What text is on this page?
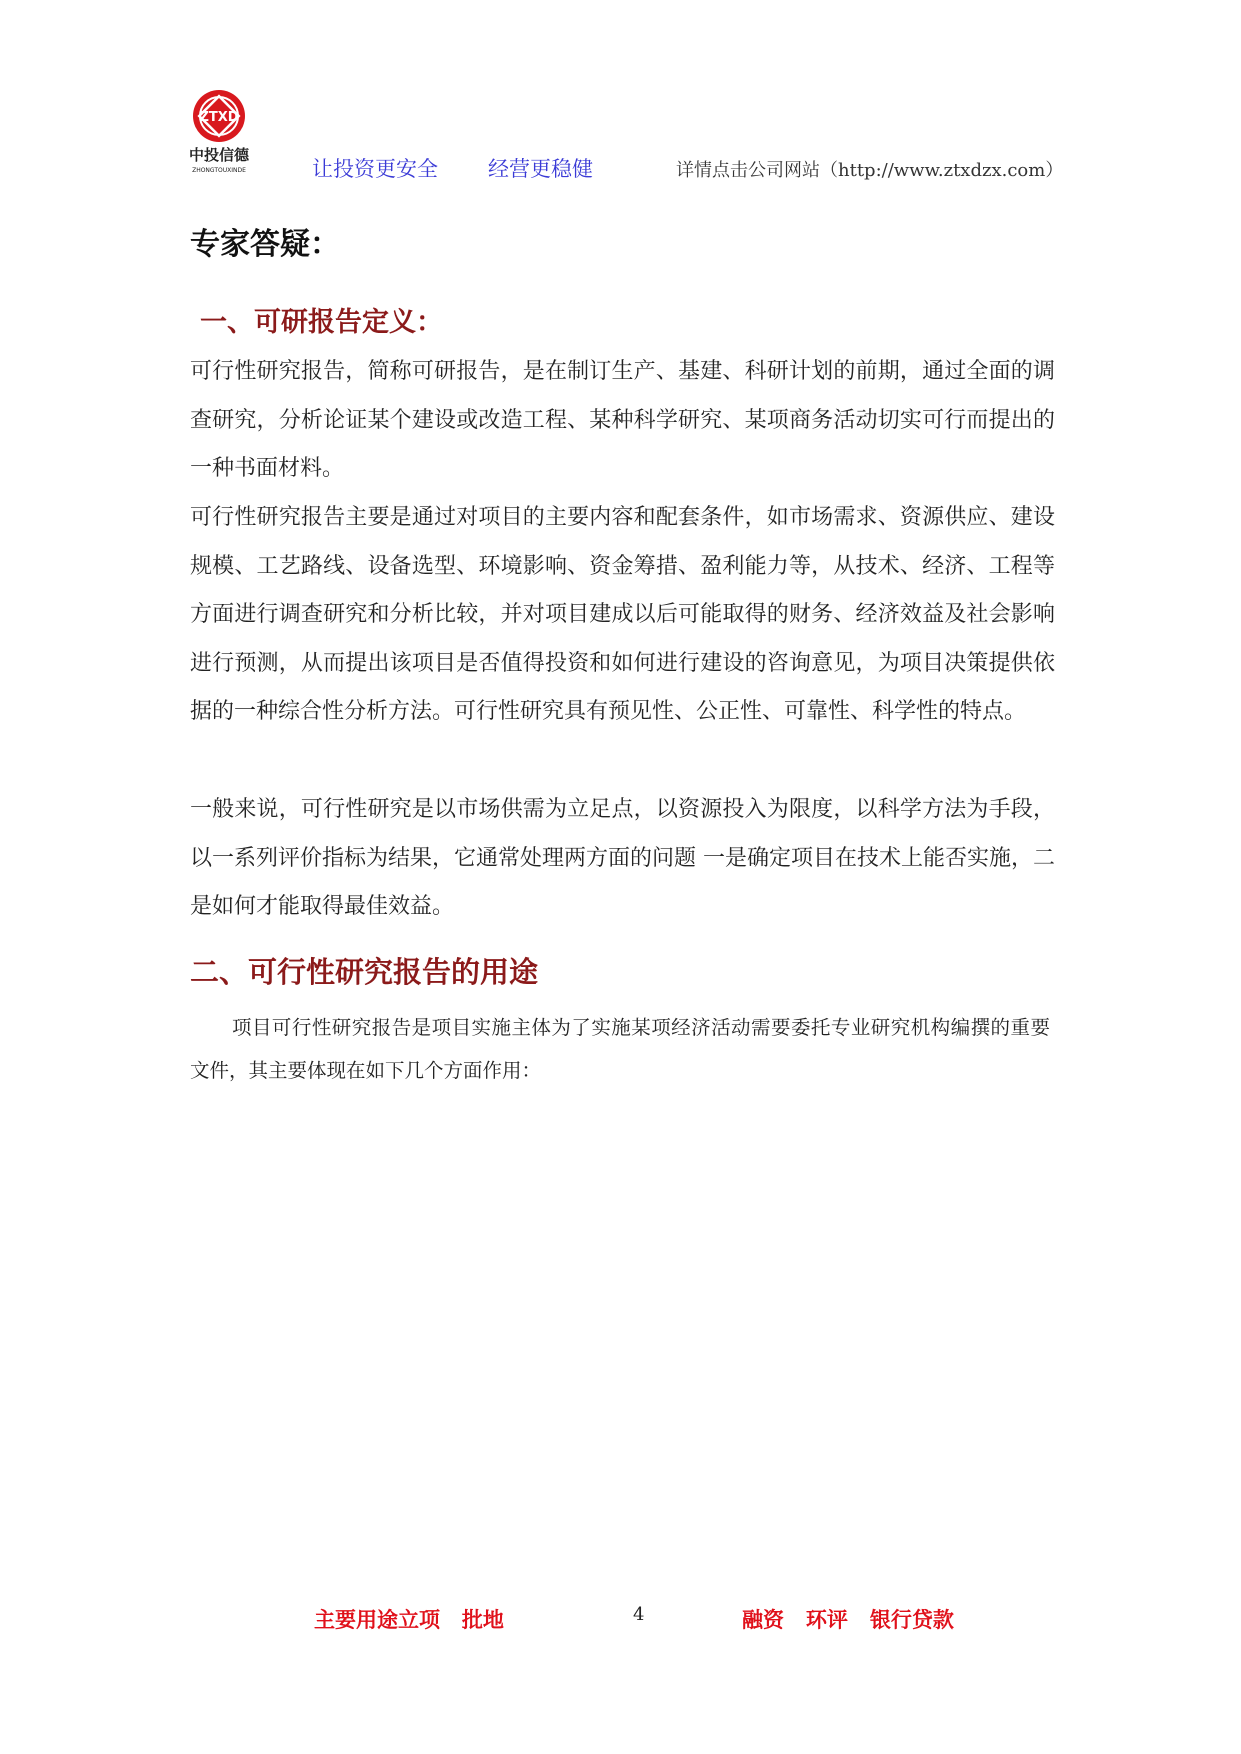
ZTXD
中投信德
ZHONGTOUXINDE	让投资更安全 经营更稳健	详情点击公司网站（http://www.ztxdzx.com）
专家答疑：
一、可研报告定义：
可行性研究报告，简称可研报告，是在制订生产、基建、科研计划的前期，通过全面的调查研究，分析论证某个建设或改造工程、某种科学研究、某项商务活动切实可行而提出的一种书面材料。
可行性研究报告主要是通过对项目的主要内容和配套条件，如市场需求、资源供应、建设规模、工艺路线、设备选型、环境影响、资金筹措、盈利能力等，从技术、经济、工程等方面进行调查研究和分析比较，并对项目建成以后可能取得的财务、经济效益及社会影响进行预测，从而提出该项目是否值得投资和如何进行建设的咨询意见，为项目决策提供依据的一种综合性分析方法。可行性研究具有预见性、公正性、可靠性、科学性的特点。
一般来说，可行性研究是以市场供需为立足点，以资源投入为限度，以科学方法为手段，以一系列评价指标为结果，它通常处理两方面的问题 一是确定项目在技术上能否实施，二是如何才能取得最佳效益。
二、可行性研究报告的用途
项目可行性研究报告是项目实施主体为了实施某项经济活动需要委托专业研究机构编撰的重要文件，其主要体现在如下几个方面作用：
主要用途立项   批地	4	融资   环评   银行贷款
